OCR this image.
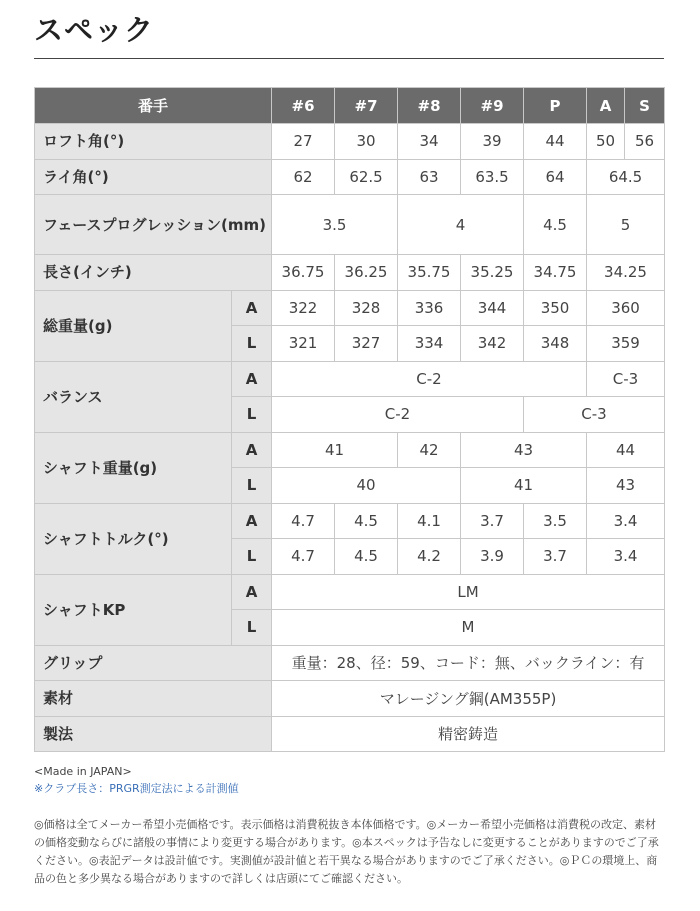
スペック
番手		#6	#7	#8	#9	P	A	S
ロフト角(°)		27	30	34	39	44	50	56
ライ角(°)		62	62.5	63	63.5	64	64.5	
フェースプログレッション(mm)		3.5		4		4.5	5	
長さ(インチ)		36.75	36.25	35.75	35.25	34.75	34.25	
総重量(g)	A	322	328	336	344	350	360	
	L	321	327	334	342	348	359	
バランス	A	C-2					C-3	
	L	C-2				C-3		
シャフト重量(g)	A	41		42	43		44	
	L	40			41		43	
シャフトトルク(°)	A	4.7	4.5	4.1	3.7	3.5	3.4	
	L	4.7	4.5	4.2	3.9	3.7	3.4	
シャフトKP	A	LM						
	L	M						
グリップ		重量：28、径：59、コード：無、バックライン：有						
素材		マレージング鋼(AM355P)						
製法		精密鋳造						
<Made in JAPAN>
※クラブ長さ：PRGR測定法による計測値
◎価格は全てメーカー希望小売価格です。表示価格は消費税抜き本体価格です。◎メーカー希望小売価格は消費税の改定、素材の価格変動ならびに諸般の事情により変更する場合があります。◎本スペックは予告なしに変更することがありますのでご了承ください。◎表記データは設計値です。実測値が設計値と若干異なる場合がありますのでご了承ください。◎ＰＣの環境上、商品の色と多少異なる場合がありますので詳しくは店頭にてご確認ください。
